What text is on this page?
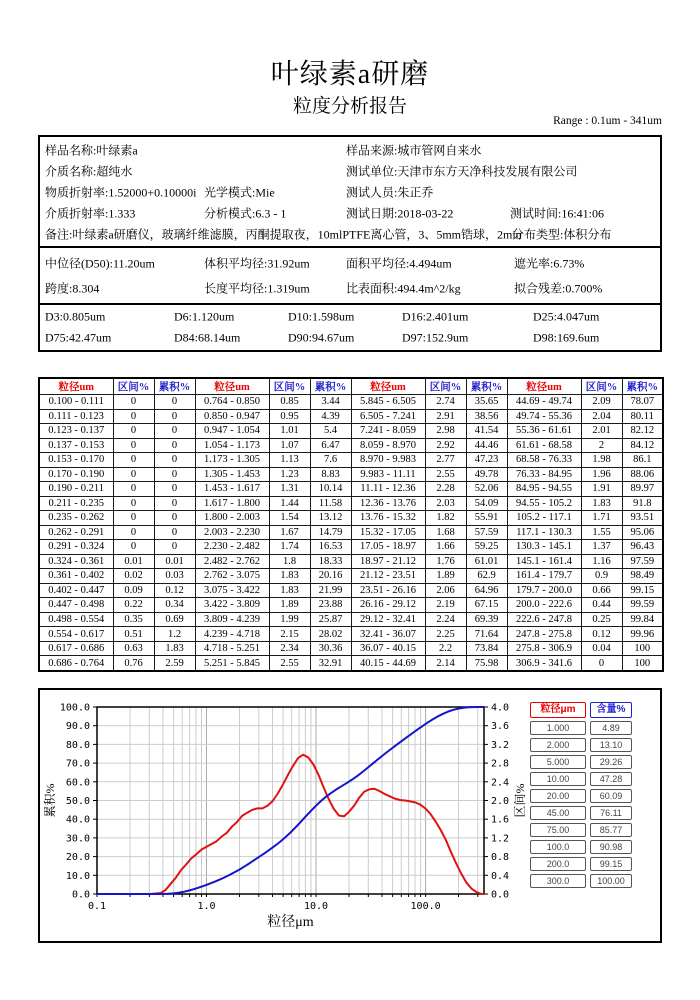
叶绿素a研磨
粒度分析报告
Range : 0.1um - 341um
样品名称:叶绿素a	样品来源:城市管网自来水
介质名称:超纯水	测试单位:天津市东方天净科技发展有限公司
物质折射率:1.52000+0.10000i 光学模式:Mie	测试人员:朱正乔
介质折射率:1.333	分析模式:6.3 - 1	测试日期:2018-03-22	测试时间:16:41:06
备注:叶绿素a研磨仪，玻璃纤维滤膜，丙酮提取夜，10mlPTFE离心管，3、5mm锆球，2min
分布类型:体积分布
中位径(D50):11.20um	体积平均径:31.92um	面积平均径:4.494um	遮光率:6.73%
跨度:8.304	长度平均径:1.319um	比表面积:494.4m^2/kg	拟合残差:0.700%
D3:0.805um	D6:1.120um	D10:1.598um	D16:2.401um	D25:4.047um
D75:42.47um	D84:68.14um	D90:94.67um	D97:152.9um	D98:169.6um
粒径um	区间%	累积%	粒径um	区间%	累积%	粒径um	区间%	累积%	粒径um	区间%	累积%
0.100 - 0.111	0	0	0.764 - 0.850	0.85	3.44	5.845 - 6.505	2.74	35.65	44.69 - 49.74	2.09	78.07
0.111 - 0.123	0	0	0.850 - 0.947	0.95	4.39	6.505 - 7.241	2.91	38.56	49.74 - 55.36	2.04	80.11
0.123 - 0.137	0	0	0.947 - 1.054	1.01	5.4	7.241 - 8.059	2.98	41.54	55.36 - 61.61	2.01	82.12
0.137 - 0.153	0	0	1.054 - 1.173	1.07	6.47	8.059 - 8.970	2.92	44.46	61.61 - 68.58	2	84.12
0.153 - 0.170	0	0	1.173 - 1.305	1.13	7.6	8.970 - 9.983	2.77	47.23	68.58 - 76.33	1.98	86.1
0.170 - 0.190	0	0	1.305 - 1.453	1.23	8.83	9.983 - 11.11	2.55	49.78	76.33 - 84.95	1.96	88.06
0.190 - 0.211	0	0	1.453 - 1.617	1.31	10.14	11.11 - 12.36	2.28	52.06	84.95 - 94.55	1.91	89.97
0.211 - 0.235	0	0	1.617 - 1.800	1.44	11.58	12.36 - 13.76	2.03	54.09	94.55 - 105.2	1.83	91.8
0.235 - 0.262	0	0	1.800 - 2.003	1.54	13.12	13.76 - 15.32	1.82	55.91	105.2 - 117.1	1.71	93.51
0.262 - 0.291	0	0	2.003 - 2.230	1.67	14.79	15.32 - 17.05	1.68	57.59	117.1 - 130.3	1.55	95.06
0.291 - 0.324	0	0	2.230 - 2.482	1.74	16.53	17.05 - 18.97	1.66	59.25	130.3 - 145.1	1.37	96.43
0.324 - 0.361	0.01	0.01	2.482 - 2.762	1.8	18.33	18.97 - 21.12	1.76	61.01	145.1 - 161.4	1.16	97.59
0.361 - 0.402	0.02	0.03	2.762 - 3.075	1.83	20.16	21.12 - 23.51	1.89	62.9	161.4 - 179.7	0.9	98.49
0.402 - 0.447	0.09	0.12	3.075 - 3.422	1.83	21.99	23.51 - 26.16	2.06	64.96	179.7 - 200.0	0.66	99.15
0.447 - 0.498	0.22	0.34	3.422 - 3.809	1.89	23.88	26.16 - 29.12	2.19	67.15	200.0 - 222.6	0.44	99.59
0.498 - 0.554	0.35	0.69	3.809 - 4.239	1.99	25.87	29.12 - 32.41	2.24	69.39	222.6 - 247.8	0.25	99.84
0.554 - 0.617	0.51	1.2	4.239 - 4.718	2.15	28.02	32.41 - 36.07	2.25	71.64	247.8 - 275.8	0.12	99.96
0.617 - 0.686	0.63	1.83	4.718 - 5.251	2.34	30.36	36.07 - 40.15	2.2	73.84	275.8 - 306.9	0.04	100
0.686 - 0.764	0.76	2.59	5.251 - 5.845	2.55	32.91	40.15 - 44.69	2.14	75.98	306.9 - 341.6	0	100
0.0
10.0
20.0
30.0
40.0
50.0
60.0
70.0
80.0
90.0
100.0
0.0
0.4
0.8
1.2
1.6
2.0
2.4
2.8
3.2
3.6
4.0
0.1	1.0	10.0	100.0
粒径μm
累积%	区间%
粒径μm	含量%
1.000	4.89
2.000	13.10
5.000	29.26
10.00	47.28
20.00	60.09
45.00	76.11
75.00	85.77
100.0	90.98
200.0	99.15
300.0	100.00
